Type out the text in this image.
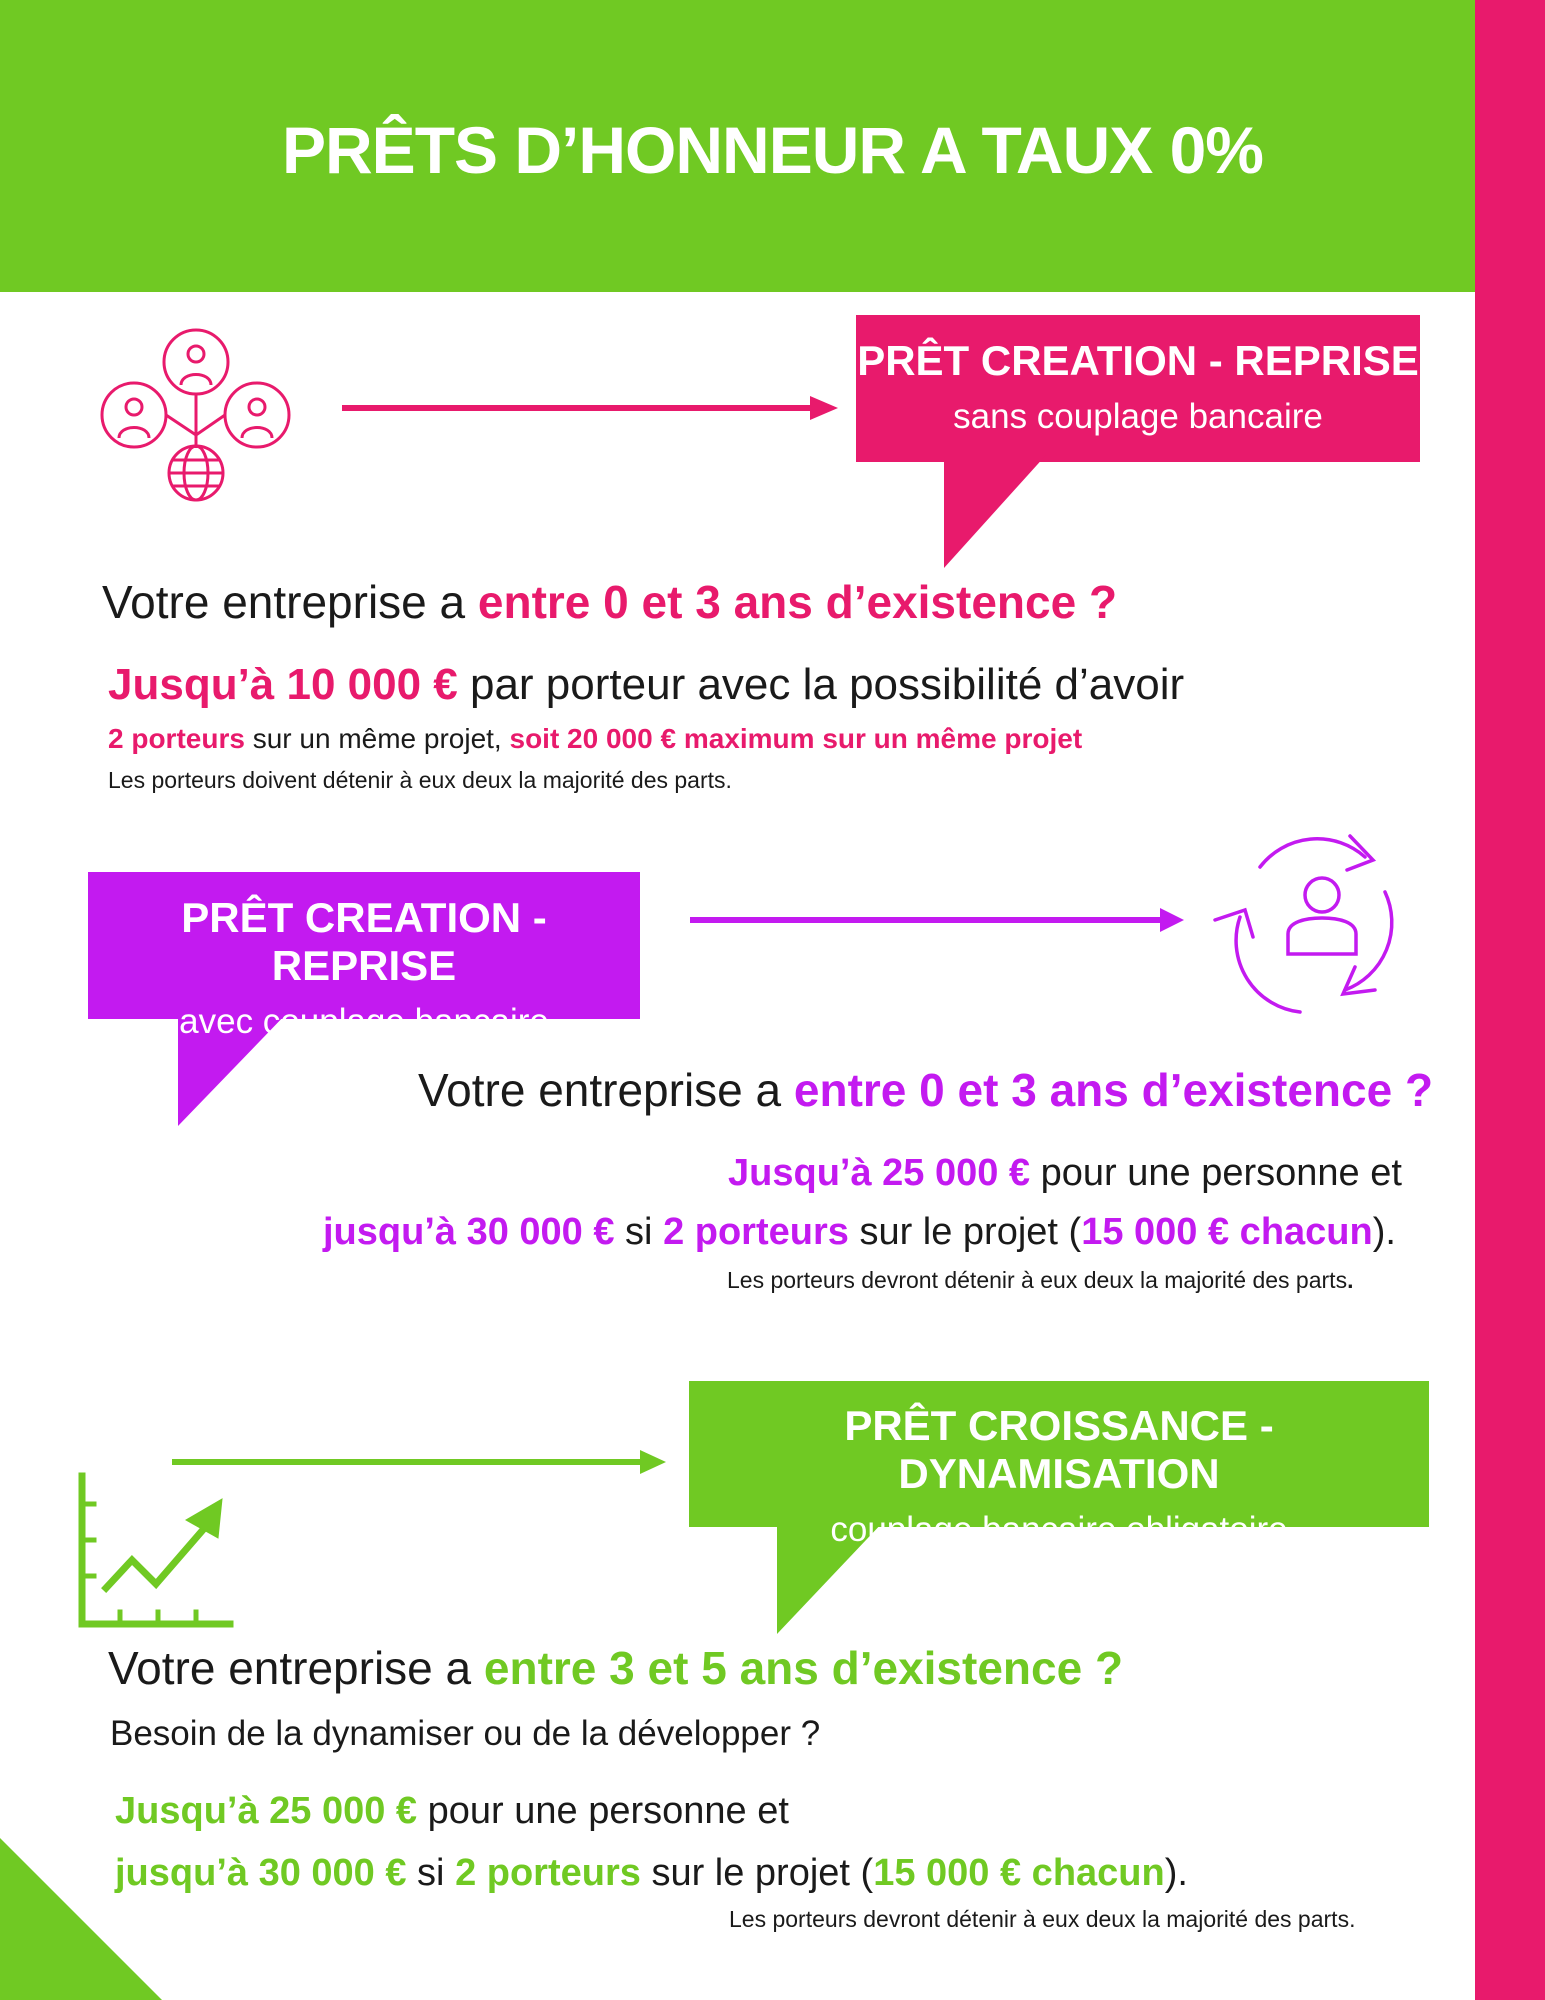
PRÊTS D’HONNEUR A TAUX 0%
PRÊT CREATION - REPRISE
sans couplage bancaire
Votre entreprise a entre 0 et 3 ans d’existence ?
Jusqu’à 10 000 € par porteur avec la possibilité d’avoir
2 porteurs sur un même projet, soit 20 000 € maximum sur un même projet
Les porteurs doivent détenir à eux deux la majorité des parts.
PRÊT CREATION - REPRISE
avec couplage bancaire
Votre entreprise a entre 0 et 3 ans d’existence ?
Jusqu’à 25 000 € pour une personne et
jusqu’à 30 000 € si 2 porteurs sur le projet (15 000 € chacun).
Les porteurs devront détenir à eux deux la majorité des parts.
PRÊT CROISSANCE - DYNAMISATION
couplage bancaire obligatoire
Votre entreprise a entre 3 et 5 ans d’existence ?
Besoin de la dynamiser ou de la développer ?
Jusqu’à 25 000 € pour une personne et
jusqu’à 30 000 € si 2 porteurs sur le projet (15 000 € chacun).
Les porteurs devront détenir à eux deux la majorité des parts.
